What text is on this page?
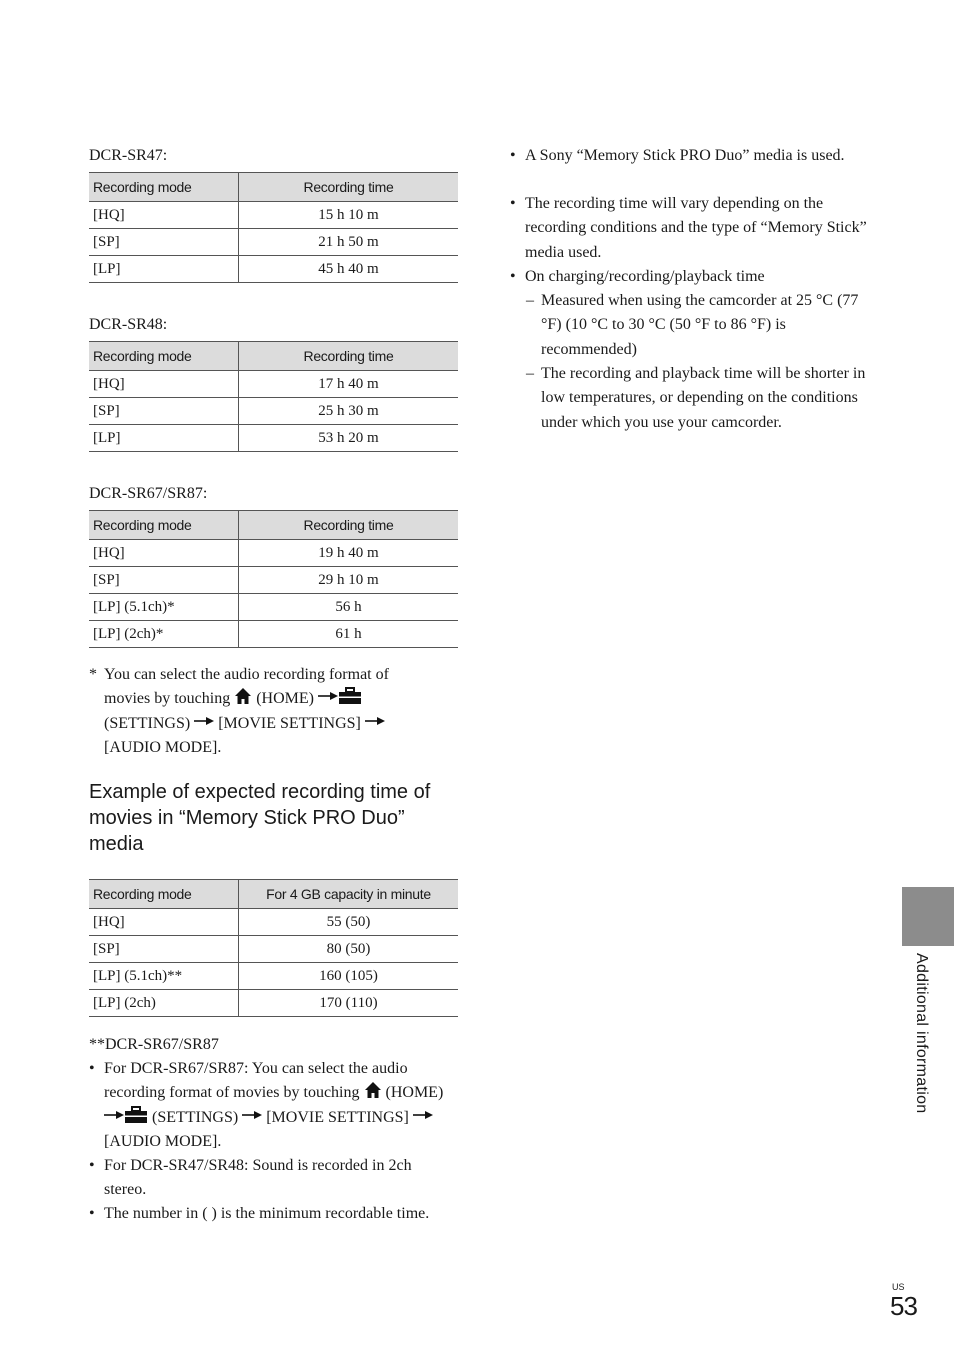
DCR-SR47:
Recording mode	Recording time
[HQ]	15 h 10 m
[SP]	21 h 50 m
[LP]	45 h 40 m
DCR-SR48:
Recording mode	Recording time
[HQ]	17 h 40 m
[SP]	25 h 30 m
[LP]	53 h 20 m
DCR-SR67/SR87:
Recording mode	Recording time
[HQ]	19 h 40 m
[SP]	29 h 10 m
[LP] (5.1ch)*	56 h
[LP] (2ch)*	61 h
* You can select the audio recording format of movies by touching  (HOME)  (SETTINGS)  [MOVIE SETTINGS]  [AUDIO MODE].
Example of expected recording time of movies in “Memory Stick PRO Duo” media
Recording mode	For 4 GB capacity in minute
[HQ]	55 (50)
[SP]	80 (50)
[LP] (5.1ch)**	160 (105)
[LP] (2ch)	170 (110)
**DCR-SR67/SR87
• For DCR-SR67/SR87: You can select the audio recording format of movies by touching  (HOME)  (SETTINGS)  [MOVIE SETTINGS]  [AUDIO MODE].
• For DCR-SR47/SR48: Sound is recorded in 2ch stereo.
• The number in ( ) is the minimum recordable time.
• A Sony “Memory Stick PRO Duo” media is used.
• The recording time will vary depending on the recording conditions and the type of “Memory Stick” media used.
• On charging/recording/playback time
– Measured when using the camcorder at 25 °C (77 °F) (10 °C to 30 °C (50 °F to 86 °F) is recommended)
– The recording and playback time will be shorter in low temperatures, or depending on the conditions under which you use your camcorder.
Additional information
US
53
